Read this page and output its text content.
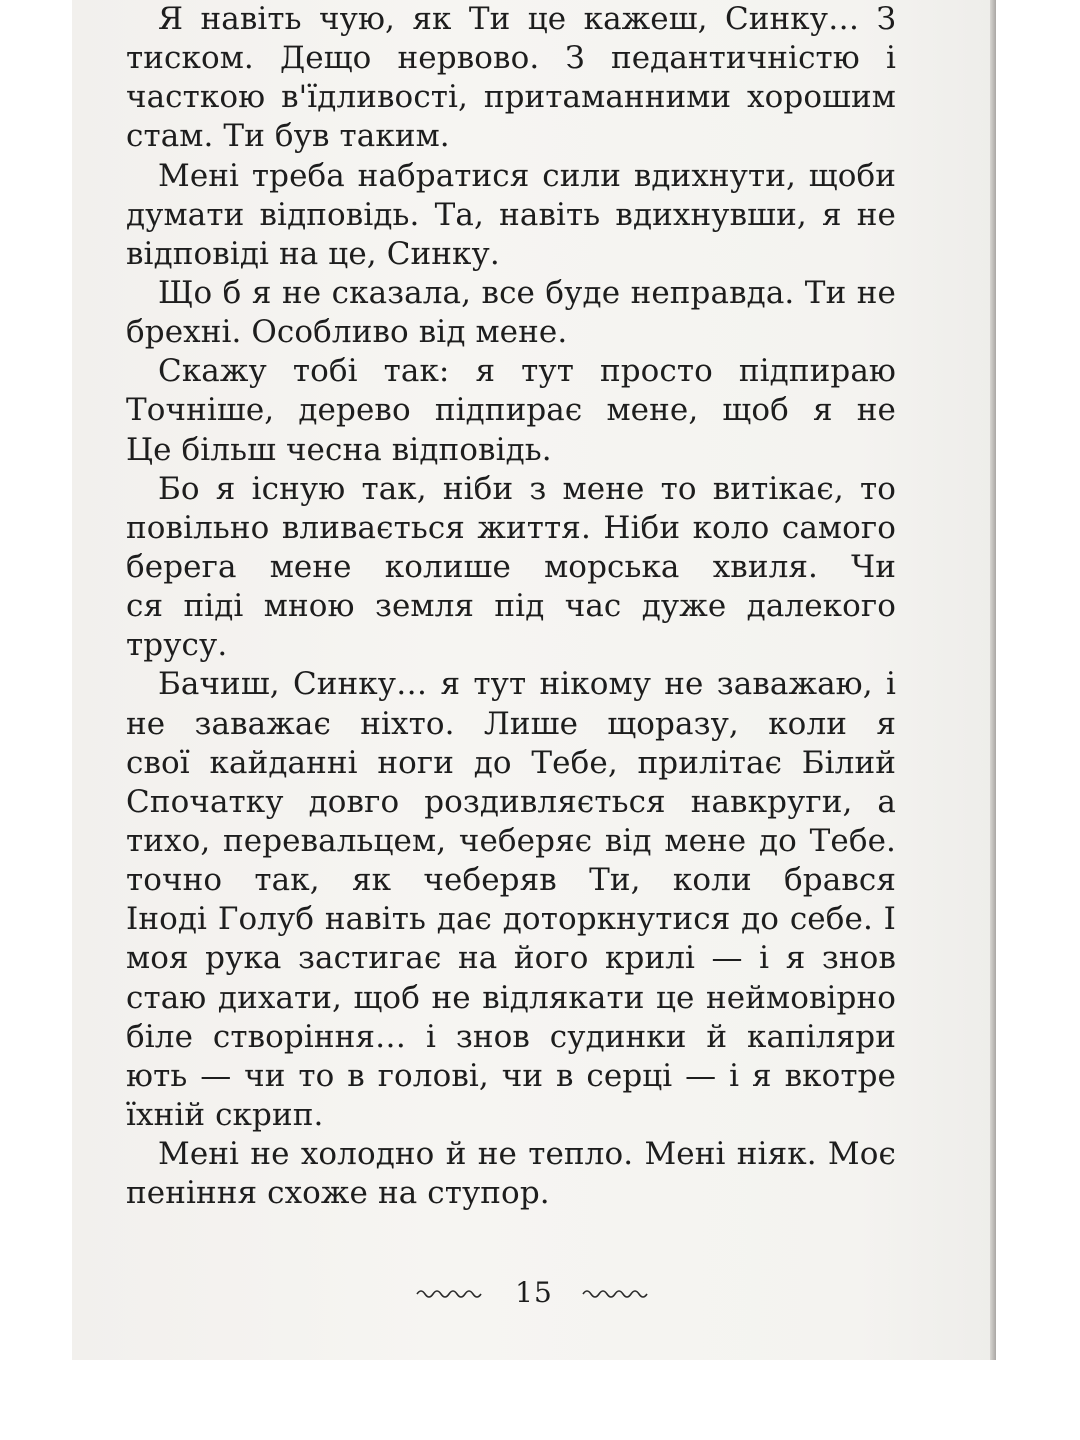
Я навіть чую, як Ти це кажеш, Синку… З
тиском. Дещо нервово. З педантичністю і
часткою в'їдливості, притаманними хорошим
стам. Ти був таким.
Мені треба набратися сили вдихнути, щоби
думати відповідь. Та, навіть вдихнувши, я не
відповіді на це, Синку.
Що б я не сказала, все буде неправда. Ти не
брехні. Особливо від мене.
Скажу тобі так: я тут просто підпираю
Точніше, дерево підпирає мене, щоб я не
Це більш чесна відповідь.
Бо я існую так, ніби з мене то витікає, то
повільно вливається життя. Ніби коло самого
берега мене колише морська хвиля. Чи
ся піді мною земля під час дуже далекого
трусу.
Бачиш, Синку… я тут нікому не заважаю, і
не заважає ніхто. Лише щоразу, коли я
свої кайданні ноги до Тебе, прилітає Білий
Спочатку довго роздивляється навкруги, а
тихо, перевальцем, чеберяє від мене до Тебе.
точно так, як чеберяв Ти, коли брався
Іноді Голуб навіть дає доторкнутися до себе. І
моя рука застигає на його крилі — і я знов
стаю дихати, щоб не відлякати це неймовірно
біле створіння… і знов судинки й капіляри
ють — чи то в голові, чи в серці — і я вкотре
їхній скрип.
Мені не холодно й не тепло. Мені ніяк. Моє
пеніння схоже на ступор.
15
